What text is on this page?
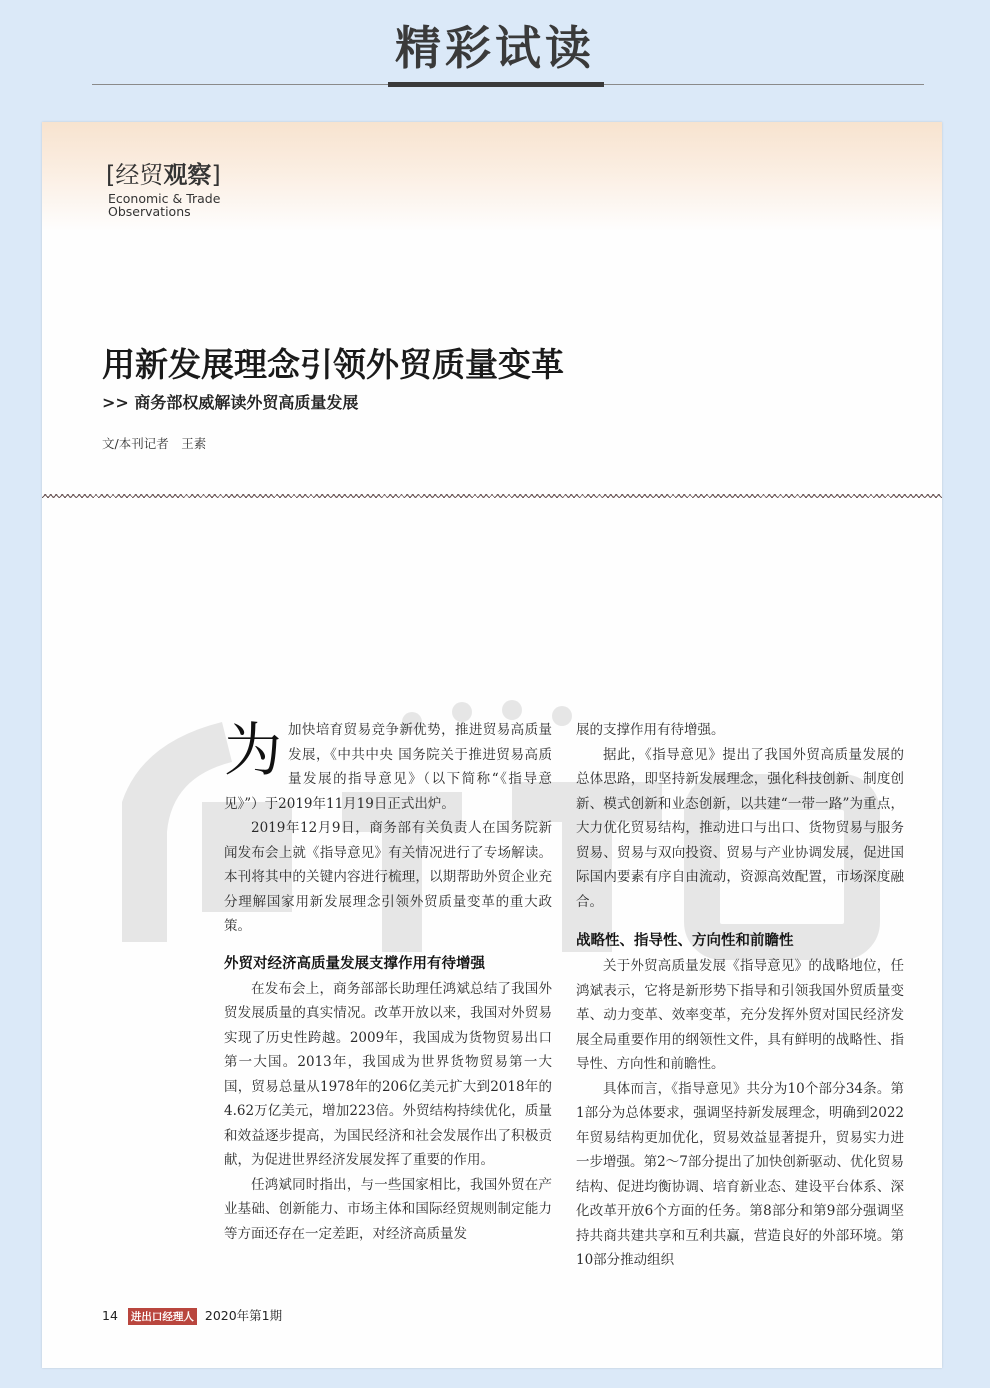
精彩试读
[经贸观察]
Economic & Trade
Observations
用新发展理念引领外贸质量变革
>> 商务部权威解读外贸高质量发展
文/本刊记者　王素

为加快培育贸易竞争新优势，推进贸易高质量发展，《中共中央 国务院关于推进贸易高质量发展的指导意见》（以下简称“《指导意见》”）于2019年11月19日正式出炉。

2019年12月9日，商务部有关负责人在国务院新闻发布会上就《指导意见》有关情况进行了专场解读。本刊将其中的关键内容进行梳理，以期帮助外贸企业充分理解国家用新发展理念引领外贸质量变革的重大政策。

外贸对经济高质量发展支撑作用有待增强

在发布会上，商务部部长助理任鸿斌总结了我国外贸发展质量的真实情况。改革开放以来，我国对外贸易实现了历史性跨越。2009年，我国成为货物贸易出口第一大国。2013年，我国成为世界货物贸易第一大国，贸易总量从1978年的206亿美元扩大到2018年的4.62万亿美元，增加223倍。外贸结构持续优化，质量和效益逐步提高，为国民经济和社会发展作出了积极贡献，为促进世界经济发展发挥了重要的作用。

任鸿斌同时指出，与一些国家相比，我国外贸在产业基础、创新能力、市场主体和国际经贸规则制定能力等方面还存在一定差距，对经济高质量发

展的支撑作用有待增强。

据此，《指导意见》提出了我国外贸高质量发展的总体思路，即坚持新发展理念，强化科技创新、制度创新、模式创新和业态创新，以共建“一带一路”为重点，大力优化贸易结构，推动进口与出口、货物贸易与服务贸易、贸易与双向投资、贸易与产业协调发展，促进国际国内要素有序自由流动，资源高效配置，市场深度融合。

战略性、指导性、方向性和前瞻性

关于外贸高质量发展《指导意见》的战略地位，任鸿斌表示，它将是新形势下指导和引领我国外贸质量变革、动力变革、效率变革，充分发挥外贸对国民经济发展全局重要作用的纲领性文件，具有鲜明的战略性、指导性、方向性和前瞻性。

具体而言，《指导意见》共分为10个部分34条。第1部分为总体要求，强调坚持新发展理念，明确到2022年贸易结构更加优化，贸易效益显著提升，贸易实力进一步增强。第2～7部分提出了加快创新驱动、优化贸易结构、促进均衡协调、培育新业态、建设平台体系、深化改革开放6个方面的任务。第8部分和第9部分强调坚持共商共建共享和互利共赢，营造良好的外部环境。第10部分推动组织

14 进出口经理人 2020年第1期
